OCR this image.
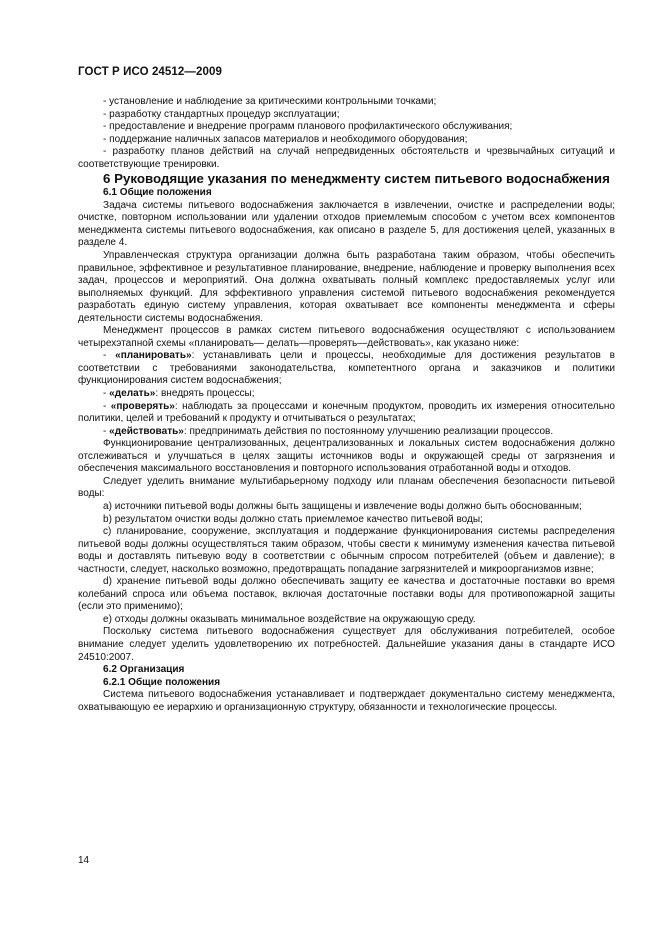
ГОСТ Р ИСО 24512—2009

- установление и наблюдение за критическими контрольными точками;

- разработку стандартных процедур эксплуатации;

- предоставление и внедрение программ планового профилактического обслуживания;

- поддержание наличных запасов материалов и необходимого оборудования;

- разработку планов действий на случай непредвиденных обстоятельств и чрезвычайных ситуаций и соответствующие тренировки.

6 Руководящие указания по менеджменту систем питьевого водоснабжения

6.1 Общие положения

Задача системы питьевого водоснабжения заключается в извлечении, очистке и распределении воды; очистке, повторном использовании или удалении отходов приемлемым способом с учетом всех компонентов менеджмента системы питьевого водоснабжения, как описано в разделе 5, для достижения целей, указанных в разделе 4.

Управленческая структура организации должна быть разработана таким образом, чтобы обеспечить правильное, эффективное и результативное планирование, внедрение, наблюдение и проверку выполнения всех задач, процессов и мероприятий. Она должна охватывать полный комплекс предоставляемых услуг или выполняемых функций. Для эффективного управления системой питьевого водоснабжения рекомендуется разработать единую систему управления, которая охватывает все компоненты менеджмента и сферы деятельности системы водоснабжения.

Менеджмент процессов в рамках систем питьевого водоснабжения осуществляют с использованием четырехэтапной схемы «планировать— делать—проверять—действовать», как указано ниже:

- «планировать»: устанавливать цели и процессы, необходимые для достижения результатов в соответствии с требованиями законодательства, компетентного органа и заказчиков и политики функционирования систем водоснабжения;

- «делать»: внедрять процессы;

- «проверять»: наблюдать за процессами и конечным продуктом, проводить их измерения относительно политики, целей и требований к продукту и отчитываться о результатах;

- «действовать»: предпринимать действия по постоянному улучшению реализации процессов.

Функционирование централизованных, децентрализованных и локальных систем водоснабжения должно отслеживаться и улучшаться в целях защиты источников воды и окружающей среды от загрязнения и обеспечения максимального восстановления и повторного использования отработанной воды и отходов.

Следует уделить внимание мультибарьерному подходу или планам обеспечения безопасности питьевой воды:

a) источники питьевой воды должны быть защищены и извлечение воды должно быть обоснованным;

b) результатом очистки воды должно стать приемлемое качество питьевой воды;

c) планирование, сооружение, эксплуатация и поддержание функционирования системы распределения питьевой воды должны осуществляться таким образом, чтобы свести к минимуму изменения качества питьевой воды и доставлять питьевую воду в соответствии с обычным спросом потребителей (объем и давление); в частности, следует, насколько возможно, предотвращать попадание загрязнителей и микроорганизмов извне;

d) хранение питьевой воды должно обеспечивать защиту ее качества и достаточные поставки во время колебаний спроса или объема поставок, включая достаточные поставки воды для противопожарной защиты (если это применимо);

e) отходы должны оказывать минимальное воздействие на окружающую среду.

Поскольку система питьевого водоснабжения существует для обслуживания потребителей, особое внимание следует уделить удовлетворению их потребностей. Дальнейшие указания даны в стандарте ИСО 24510:2007.

6.2 Организация

6.2.1 Общие положения

Система питьевого водоснабжения устанавливает и подтверждает документально систему менеджмента, охватывающую ее иерархию и организационную структуру, обязанности и технологические процессы.

14
